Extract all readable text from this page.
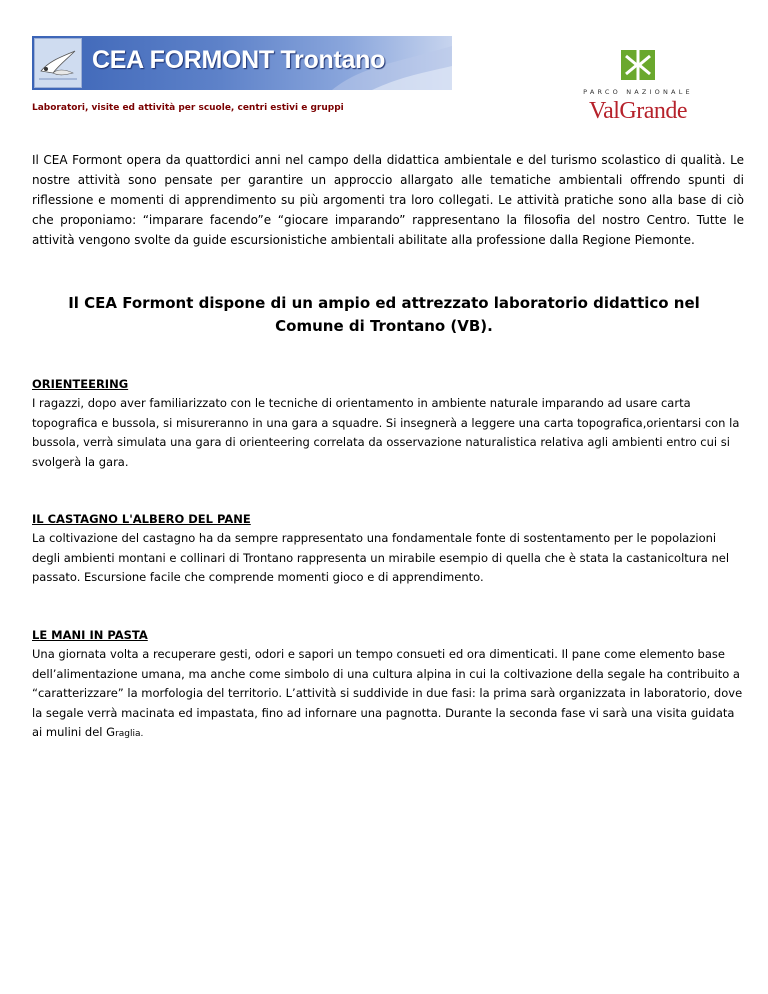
CEA FORMONT Trontano
Laboratori, visite ed attività per scuole, centri estivi e gruppi
PARCO NAZIONALE
ValGrande

Il CEA Formont opera da quattordici anni nel campo della didattica ambientale e del turismo scolastico di qualità. Le nostre attività sono pensate per garantire un approccio allargato alle tematiche ambientali offrendo spunti di riflessione e momenti di apprendimento su più argomenti tra loro collegati. Le attività pratiche sono alla base di ciò che proponiamo: “imparare facendo”e “giocare imparando” rappresentano la filosofia del nostro Centro. Tutte le attività vengono svolte da guide escursionistiche ambientali abilitate alla professione dalla Regione Piemonte.

Il CEA Formont dispone di un ampio ed attrezzato laboratorio didattico nel Comune di Trontano (VB).

ORIENTEERING

I ragazzi, dopo aver familiarizzato con le tecniche di orientamento in ambiente naturale imparando ad usare carta topografica e bussola, si misureranno in una gara a squadre. Si insegnerà a leggere una carta topografica,orientarsi con la bussola, verrà simulata una gara di orienteering correlata da osservazione naturalistica relativa agli ambienti entro cui si svolgerà la gara.

IL CASTAGNO L'ALBERO DEL PANE

La coltivazione del castagno ha da sempre rappresentato una fondamentale fonte di sostentamento per le popolazioni degli ambienti montani e collinari di Trontano rappresenta un mirabile esempio di quella che è stata la castanicoltura nel passato. Escursione facile che comprende momenti gioco e di apprendimento.

LE MANI IN PASTA

Una giornata volta a recuperare gesti, odori e sapori un tempo consueti ed ora dimenticati. Il pane come elemento base dell’alimentazione umana, ma anche come simbolo di una cultura alpina in cui la coltivazione della segale ha contribuito a “caratterizzare” la morfologia del territorio. L’attività si suddivide in due fasi: la prima sarà organizzata in laboratorio, dove la segale verrà macinata ed impastata, fino ad infornare una pagnotta. Durante la seconda fase vi sarà una visita guidata ai mulini del Graglia.
